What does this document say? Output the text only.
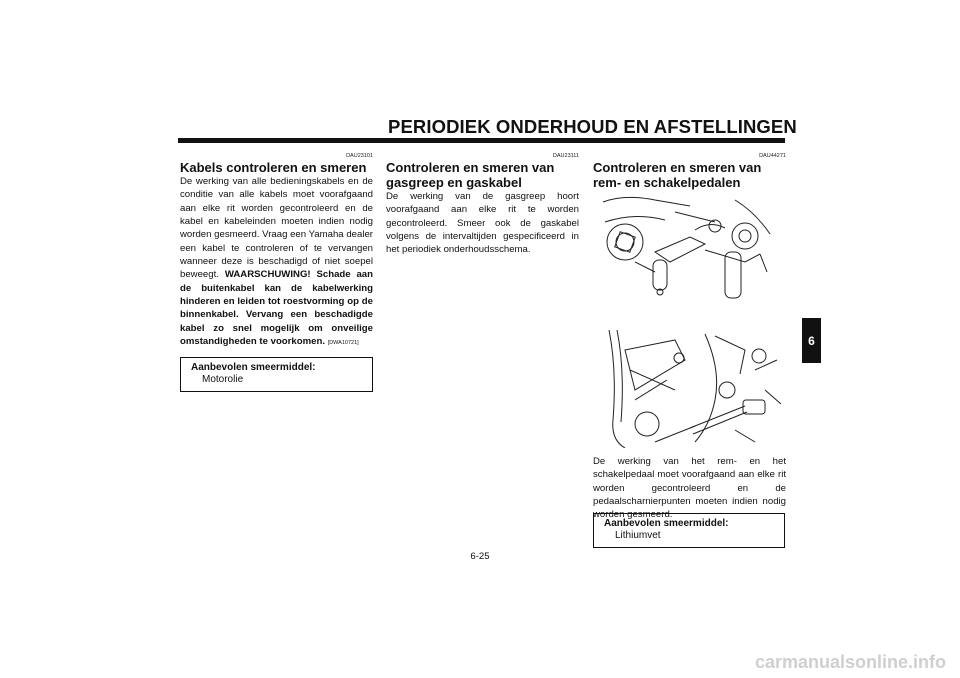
PERIODIEK ONDERHOUD EN AFSTELLINGEN
6
DAU23101
Kabels controleren en smeren

De werking van alle bedieningskabels en de conditie van alle kabels moet voorafgaand aan elke rit worden gecontroleerd en de kabel en kabeleinden moeten indien nodig worden gesmeerd. Vraag een Yamaha dealer een kabel te controleren of te vervangen wanneer deze is beschadigd of niet soepel beweegt. WAARSCHUWING! Schade aan de buitenkabel kan de kabelwerking hinderen en leiden tot roestvorming op de binnenkabel. Vervang een beschadigde kabel zo snel mogelijk om onveilige omstandigheden te voorkomen. [DWA10721]

Aanbevolen smeermiddel:
Motorolie
DAU23111
Controleren en smeren van gasgreep en gaskabel

De werking van de gasgreep hoort voorafgaand aan elke rit te worden gecontroleerd. Smeer ook de gaskabel volgens de intervaltijden gespecificeerd in het periodiek onderhoudsschema.

DAU44271
Controleren en smeren van rem- en schakelpedalen

De werking van het rem- en het schakelpedaal moet voorafgaand aan elke rit worden gecontroleerd en de pedaalscharnierpunten moeten indien nodig worden gesmeerd.

Aanbevolen smeermiddel:
Lithiumvet
6-25
carmanualsonline.info
